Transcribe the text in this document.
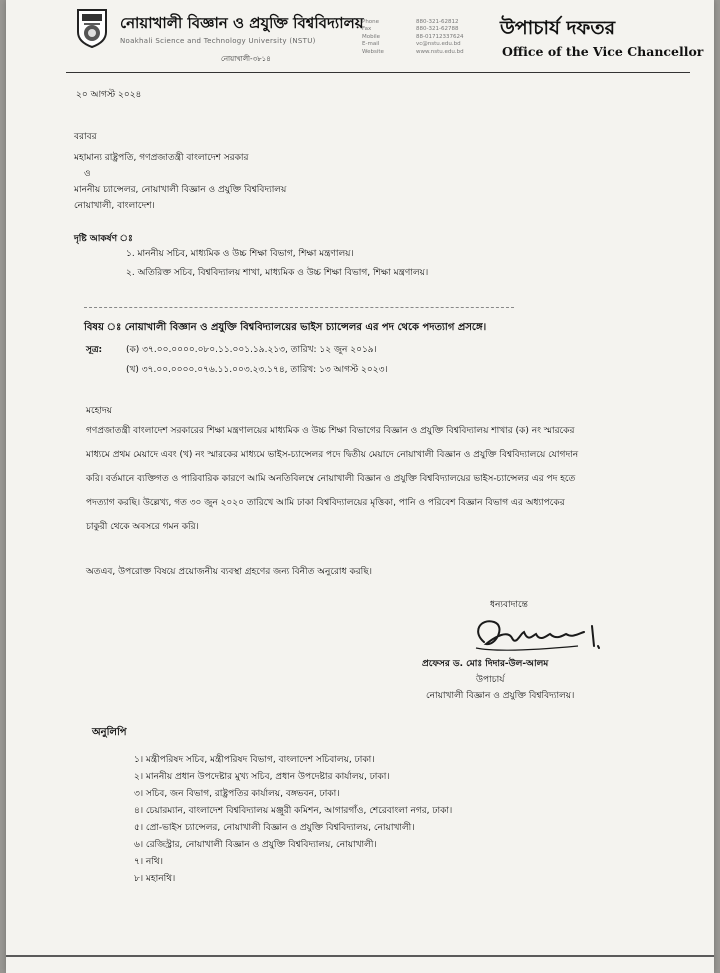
নোয়াখালী বিজ্ঞান ও প্রযুক্তি বিশ্ববিদ্যালয়
Noakhali Science and Technology University (NSTU)
নোয়াখালী-৩৮১৪
Phone
Fax
Mobile
E-mail
Website
880-321-62812
880-321-62788
88-01712337624
vc@nstu.edu.bd
www.nstu.edu.bd
উপাচার্য দফতর
Office of the Vice Chancellor
২০ আগস্ট ২০২৪
বরাবর
মহামান্য রাষ্ট্রপতি, গণপ্রজাতন্ত্রী বাংলাদেশ সরকার
ও
মাননীয় চ্যান্সেলর, নোয়াখালী বিজ্ঞান ও প্রযুক্তি বিশ্ববিদ্যালয়
নোয়াখালী, বাংলাদেশ।
দৃষ্টি আকর্ষণ ঃ
১. মাননীয় সচিব, মাধ্যমিক ও উচ্চ শিক্ষা বিভাগ, শিক্ষা মন্ত্রণালয়।
২. অতিরিক্ত সচিব, বিশ্ববিদ্যালয় শাখা, মাধ্যমিক ও উচ্চ শিক্ষা বিভাগ, শিক্ষা মন্ত্রণালয়।
বিষয় ঃ নোয়াখালী বিজ্ঞান ও প্রযুক্তি বিশ্ববিদ্যালয়ের ভাইস চ্যান্সেলর এর পদ থেকে পদত্যাগ প্রসঙ্গে।
সূত্র:	(ক) ৩৭.০০.০০০০.০৮০.১১.০০১.১৯.২১৩, তারিখ: ১২ জুন ২০১৯।
(খ) ৩৭.০০.০০০০.০৭৬.১১.০০৩.২৩.১৭৪, তারিখ: ১৩ আগস্ট ২০২৩।
মহোদয়
গণপ্রজাতন্ত্রী বাংলাদেশ সরকারের শিক্ষা মন্ত্রণালয়ের মাধ্যমিক ও উচ্চ শিক্ষা বিভাগের বিজ্ঞান ও প্রযুক্তি বিশ্ববিদ্যালয় শাখার (ক) নং স্মারকের
মাধ্যমে প্রথম মেয়াদে এবং (খ) নং স্মারকের মাধ্যমে ভাইস-চ্যান্সেলর পদে দ্বিতীয় মেয়াদে নোয়াখালী বিজ্ঞান ও প্রযুক্তি বিশ্ববিদ্যালয়ে যোগদান
করি। বর্তমানে ব্যক্তিগত ও পারিবারিক কারণে আমি অনতিবিলম্বে নোয়াখালী বিজ্ঞান ও প্রযুক্তি বিশ্ববিদ্যালয়ের ভাইস-চ্যান্সেলর এর পদ হতে
পদত্যাগ করছি। উল্লেখ্য, গত ৩০ জুন ২০২০ তারিখে আমি ঢাকা বিশ্ববিদ্যালয়ের মৃত্তিকা, পানি ও পরিবেশ বিজ্ঞান বিভাগ এর অধ্যাপকের
চাকুরী থেকে অবসরে গমন করি।
অতএব, উপরোক্ত বিষয়ে প্রয়োজনীয় ব্যবস্থা গ্রহণের জন্য বিনীত অনুরোধ করছি।
ধন্যবাদান্তে
প্রফেসর ড. মোঃ দিদার-উল-আলম
উপাচার্য
নোয়াখালী বিজ্ঞান ও প্রযুক্তি বিশ্ববিদ্যালয়।
অনুলিপি
১। মন্ত্রীপরিষদ সচিব, মন্ত্রীপরিষদ বিভাগ, বাংলাদেশ সচিবালয়, ঢাকা।
২। মাননীয় প্রধান উপদেষ্টার মুখ্য সচিব, প্রধান উপদেষ্টার কার্যালয়, ঢাকা।
৩। সচিব, জন বিভাগ, রাষ্ট্রপতির কার্যালয়, বঙ্গভবন, ঢাকা।
৪। চেয়ারম্যান, বাংলাদেশ বিশ্ববিদ্যালয় মঞ্জুরী কমিশন, আগারগাঁও, শেরেবাংলা নগর, ঢাকা।
৫। প্রো-ভাইস চ্যান্সেলর, নোয়াখালী বিজ্ঞান ও প্রযুক্তি বিশ্ববিদ্যালয়, নোয়াখালী।
৬। রেজিস্ট্রার, নোয়াখালী বিজ্ঞান ও প্রযুক্তি বিশ্ববিদ্যালয়, নোয়াখালী।
৭। নথি।
৮। মহানথি।
